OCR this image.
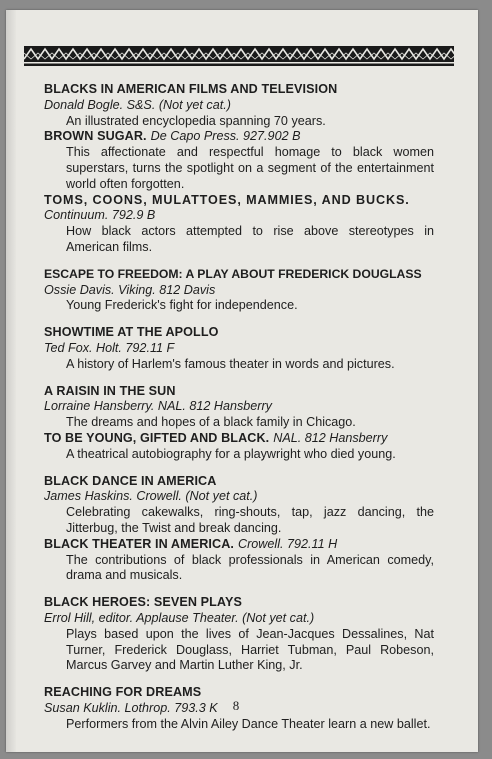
BLACKS IN AMERICAN FILMS AND TELEVISION
Donald Bogle. S&S. (Not yet cat.)
An illustrated encyclopedia spanning 70 years.
BROWN SUGAR. De Capo Press. 927.902 B
This affectionate and respectful homage to black women superstars, turns the spotlight on a segment of the entertainment world often forgotten.
TOMS, COONS, MULATTOES, MAMMIES, AND BUCKS.
Continuum. 792.9 B
How black actors attempted to rise above stereotypes in American films.
ESCAPE TO FREEDOM: A PLAY ABOUT FREDERICK DOUGLASS
Ossie Davis. Viking. 812 Davis
Young Frederick's fight for independence.
SHOWTIME AT THE APOLLO
Ted Fox. Holt. 792.11 F
A history of Harlem's famous theater in words and pictures.
A RAISIN IN THE SUN
Lorraine Hansberry. NAL. 812 Hansberry
The dreams and hopes of a black family in Chicago.
TO BE YOUNG, GIFTED AND BLACK. NAL. 812 Hansberry
A theatrical autobiography for a playwright who died young.
BLACK DANCE IN AMERICA
James Haskins. Crowell. (Not yet cat.)
Celebrating cakewalks, ring-shouts, tap, jazz dancing, the Jitterbug, the Twist and break dancing.
BLACK THEATER IN AMERICA. Crowell. 792.11 H
The contributions of black professionals in American comedy, drama and musicals.
BLACK HEROES: SEVEN PLAYS
Errol Hill, editor. Applause Theater. (Not yet cat.)
Plays based upon the lives of Jean-Jacques Dessalines, Nat Turner, Frederick Douglass, Harriet Tubman, Paul Robeson, Marcus Garvey and Martin Luther King, Jr.
REACHING FOR DREAMS
Susan Kuklin. Lothrop. 793.3 K
Performers from the Alvin Ailey Dance Theater learn a new ballet.
8
